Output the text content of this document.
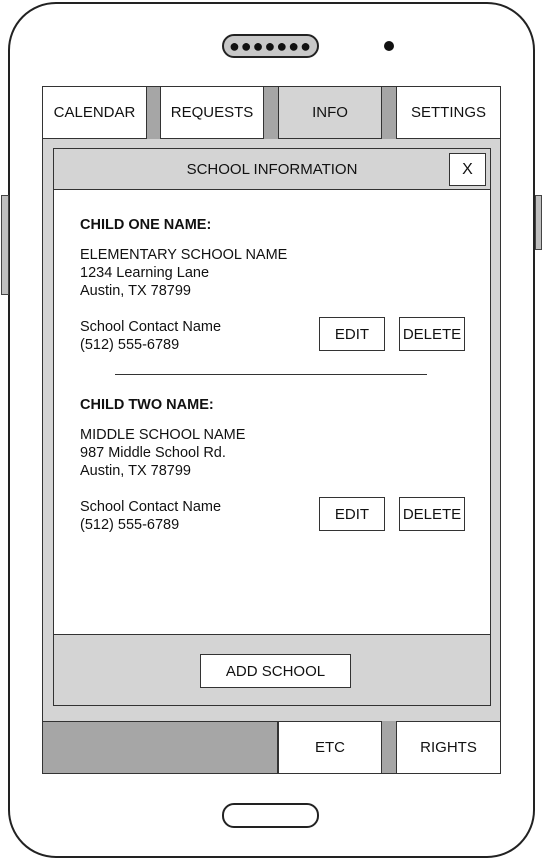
●●●●●●●
CALENDAR REQUESTS	INFO	SETTINGS
SCHOOL INFORMATION	X
CHILD ONE NAME:
ELEMENTARY SCHOOL NAME
1234 Learning Lane
Austin, TX 78799
School Contact Name
(512) 555-6789
EDIT DELETE
CHILD TWO NAME:
MIDDLE SCHOOL NAME
987 Middle School Rd.
Austin, TX 78799
School Contact Name
(512) 555-6789
EDIT DELETE
ADD SCHOOL
ETC	RIGHTS
